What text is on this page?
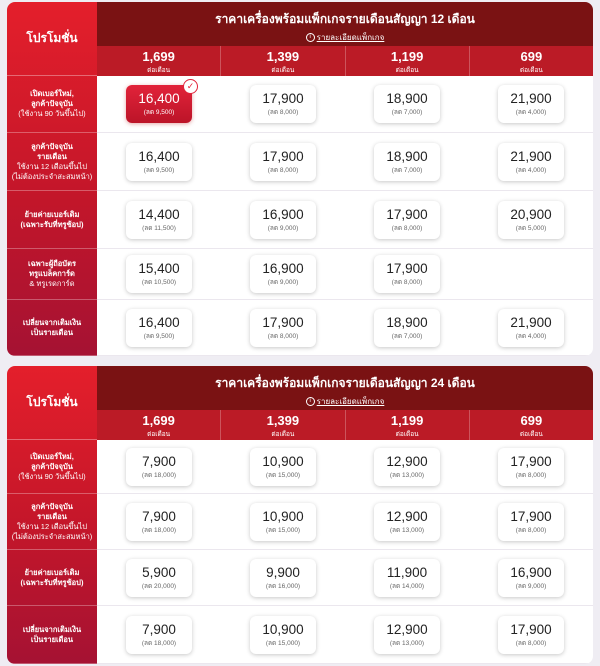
โปรโมชั่น
ราคาเครื่องพร้อมแพ็กเกจรายเดือนสัญญา 12 เดือน
i รายละเอียดแพ็กเกจ
1,699
ต่อเดือน
1,399
ต่อเดือน
1,199
ต่อเดือน
699
ต่อเดือน
16,400
(ลด 9,500)
✓
17,900
(ลด 8,000)
18,900
(ลด 7,000)
21,900
(ลด 4,000)
16,400
(ลด 9,500)
17,900
(ลด 8,000)
18,900
(ลด 7,000)
21,900
(ลด 4,000)
14,400
(ลด 11,500)
16,900
(ลด 9,000)
17,900
(ลด 8,000)
20,900
(ลด 5,000)
15,400
(ลด 10,500)
16,900
(ลด 9,000)
17,900
(ลด 8,000)
16,400
(ลด 9,500)
17,900
(ลด 8,000)
18,900
(ลด 7,000)
21,900
(ลด 4,000)
เปิดเบอร์ใหม่,
ลูกค้าปัจจุบัน
(ใช้งาน 90 วันขึ้นไป)
ลูกค้าปัจจุบัน
รายเดือน
ใช้งาน 12 เดือนขึ้นไป
(ไม่ต้องประจำสะสมหน้า)
ย้ายค่ายเบอร์เดิม
(เฉพาะรับที่ทรูช้อป)
เฉพาะผู้ถือบัตร
ทรูแบล็คการ์ด
& ทรูเรดการ์ด
เปลี่ยนจากเติมเงิน
เป็นรายเดือน
โปรโมชั่น
ราคาเครื่องพร้อมแพ็กเกจรายเดือนสัญญา 24 เดือน
i รายละเอียดแพ็กเกจ
1,699
ต่อเดือน
1,399
ต่อเดือน
1,199
ต่อเดือน
699
ต่อเดือน
7,900
(ลด 18,000)
10,900
(ลด 15,000)
12,900
(ลด 13,000)
17,900
(ลด 8,000)
7,900
(ลด 18,000)
10,900
(ลด 15,000)
12,900
(ลด 13,000)
17,900
(ลด 8,000)
5,900
(ลด 20,000)
9,900
(ลด 16,000)
11,900
(ลด 14,000)
16,900
(ลด 9,000)
7,900
(ลด 18,000)
10,900
(ลด 15,000)
12,900
(ลด 13,000)
17,900
(ลด 8,000)
เปิดเบอร์ใหม่,
ลูกค้าปัจจุบัน
(ใช้งาน 90 วันขึ้นไป)
ลูกค้าปัจจุบัน
รายเดือน
ใช้งาน 12 เดือนขึ้นไป
(ไม่ต้องประจำสะสมหน้า)
ย้ายค่ายเบอร์เดิม
(เฉพาะรับที่ทรูช้อป)
เปลี่ยนจากเติมเงิน
เป็นรายเดือน
